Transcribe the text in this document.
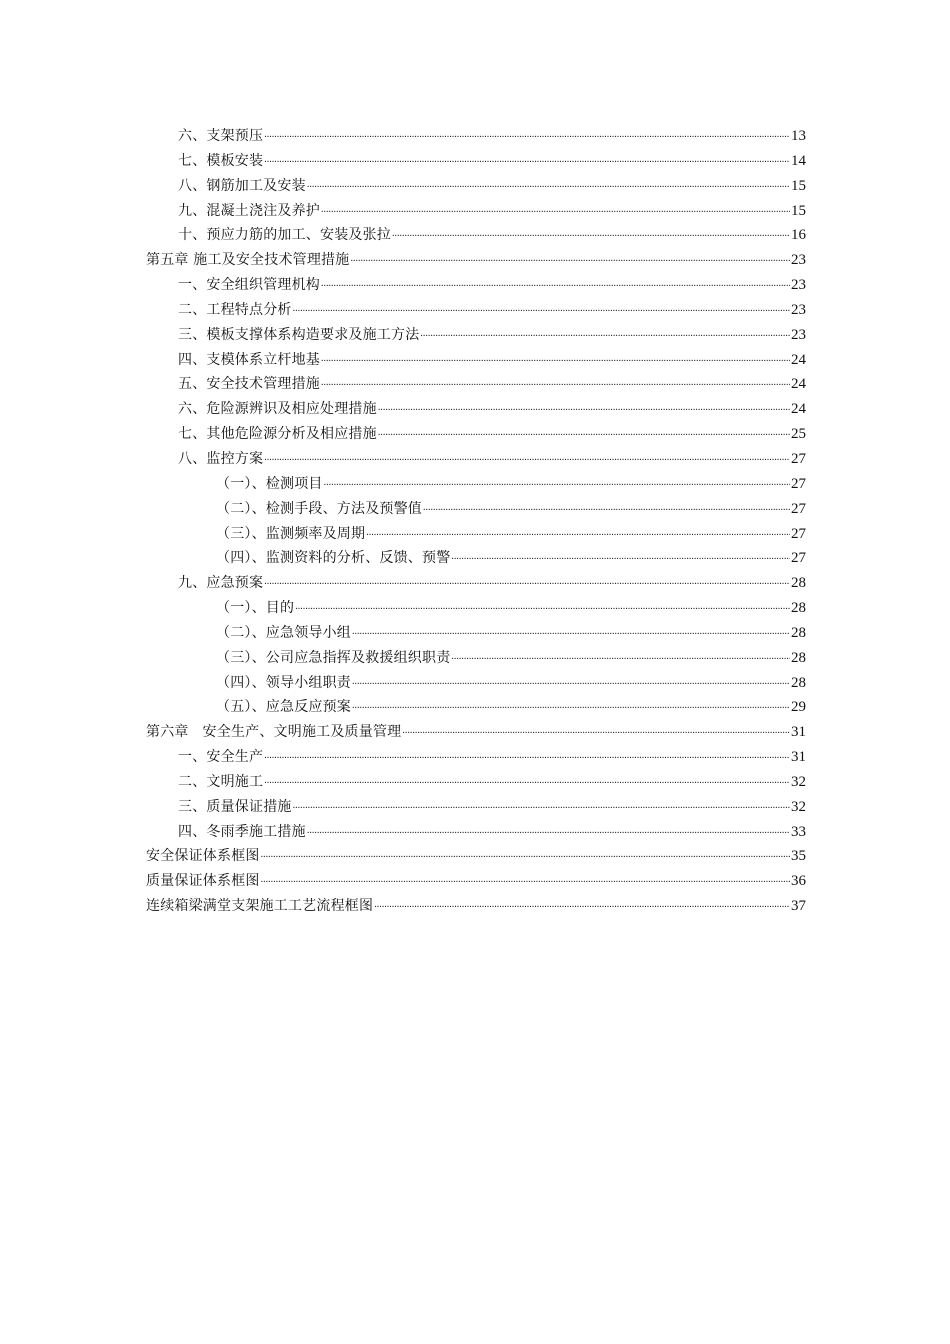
六、支架预压 .....	13
七、模板安装 .....	14
八、钢筋加工及安装 .....	15
九、混凝土浇注及养护 .....	15
十、预应力筋的加工、安装及张拉 .....	16
第五章 施工及安全技术管理措施 .....	23
一、安全组织管理机构 .....	23
二、工程特点分析 .....	23
三、模板支撑体系构造要求及施工方法 .....	23
四、支模体系立杆地基 .....	24
五、安全技术管理措施 .....	24
六、危险源辨识及相应处理措施 .....	24
七、其他危险源分析及相应措施 .....	25
八、监控方案 .....	27
（一）、检测项目 .....	27
（二）、检测手段、方法及预警值 .....	27
（三）、监测频率及周期 .....	27
（四）、监测资料的分析、反馈、预警 .....	27
九、应急预案 .....	28
（一）、目的 .....	28
（二）、应急领导小组 .....	28
（三）、公司应急指挥及救援组织职责 .....	28
（四）、领导小组职责 .....	28
（五）、应急反应预案 .....	29
第六章   安全生产、文明施工及质量管理 .....	31
一、安全生产 .....	31
二、文明施工 .....	32
三、质量保证措施 .....	32
四、冬雨季施工措施 .....	33
安全保证体系框图 .....	35
质量保证体系框图 .....	36
连续箱梁满堂支架施工工艺流程框图 .....	37
